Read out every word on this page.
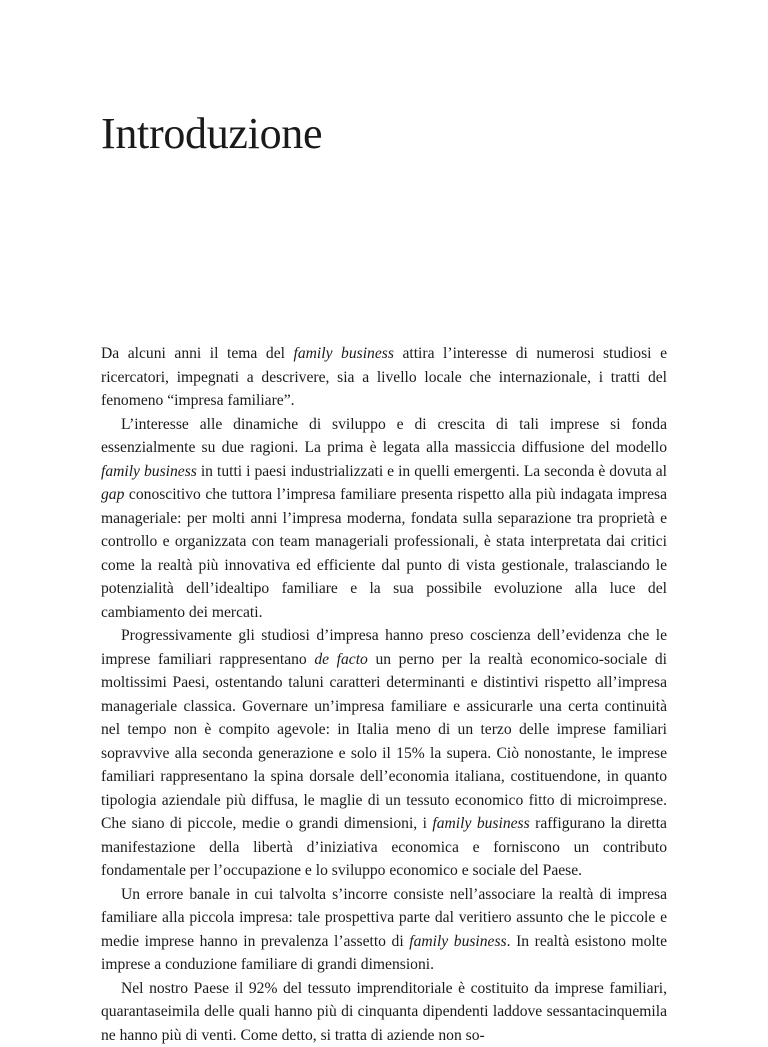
Introduzione

Da alcuni anni il tema del family business attira l’interesse di numerosi studiosi e ricercatori, impegnati a descrivere, sia a livello locale che internazionale, i tratti del fenomeno “impresa familiare”.

L’interesse alle dinamiche di sviluppo e di crescita di tali imprese si fonda essenzialmente su due ragioni. La prima è legata alla massiccia diffusione del modello family business in tutti i paesi industrializzati e in quelli emergenti. La seconda è dovuta al gap conoscitivo che tuttora l’impresa familiare presenta rispetto alla più indagata impresa manageriale: per molti anni l’impresa moderna, fondata sulla separazione tra proprietà e controllo e organizzata con team manageriali professionali, è stata interpretata dai critici come la realtà più innovativa ed efficiente dal punto di vista gestionale, tralasciando le potenzialità dell’idealtipo familiare e la sua possibile evoluzione alla luce del cambiamento dei mercati.

Progressivamente gli studiosi d’impresa hanno preso coscienza dell’evidenza che le imprese familiari rappresentano de facto un perno per la realtà economico-sociale di moltissimi Paesi, ostentando taluni caratteri determinanti e distintivi rispetto all’impresa manageriale classica. Governare un’impresa familiare e assicurarle una certa continuità nel tempo non è compito agevole: in Italia meno di un terzo delle imprese familiari sopravvive alla seconda generazione e solo il 15% la supera. Ciò nonostante, le imprese familiari rappresentano la spina dorsale dell’economia italiana, costituendone, in quanto tipologia aziendale più diffusa, le maglie di un tessuto economico fitto di microimprese. Che siano di piccole, medie o grandi dimensioni, i family business raffigurano la diretta manifestazione della libertà d’iniziativa economica e forniscono un contributo fondamentale per l’occupazione e lo sviluppo economico e sociale del Paese.

Un errore banale in cui talvolta s’incorre consiste nell’associare la realtà di impresa familiare alla piccola impresa: tale prospettiva parte dal veritiero assunto che le piccole e medie imprese hanno in prevalenza l’assetto di family business. In realtà esistono molte imprese a conduzione familiare di grandi dimensioni.

Nel nostro Paese il 92% del tessuto imprenditoriale è costituito da imprese familiari, quarantaseimila delle quali hanno più di cinquanta dipendenti laddove sessantacinquemila ne hanno più di venti. Come detto, si tratta di aziende non so-
